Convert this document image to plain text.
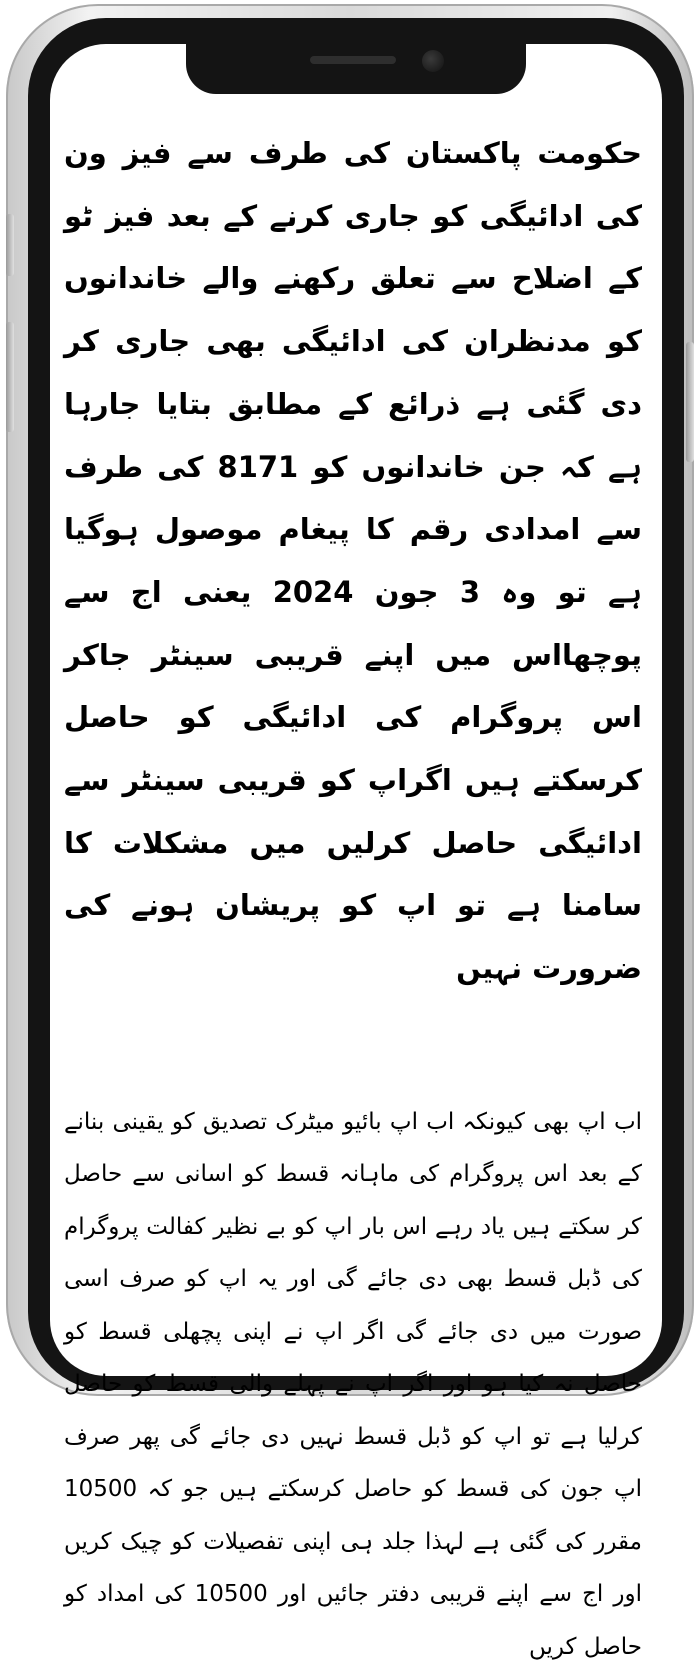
حکومت پاکستان کی طرف سے فیز ون کی ادائیگی کو جاری کرنے کے بعد فیز ٹو کے اضلاح سے تعلق رکھنے والے خاندانوں کو مدنظران کی ادائیگی بھی جاری کر دی گئی ہے ذرائع کے مطابق بتایا جارہا ہے کہ جن خاندانوں کو 8171 کی طرف سے امدادی رقم کا پیغام موصول ہوگیا ہے تو وہ 3 جون 2024 یعنی اج سے پوچھااس میں اپنے قریبی سینٹر جاکر اس پروگرام کی ادائیگی کو حاصل کرسکتے ہیں اگراپ کو قریبی سینٹر سے ادائیگی حاصل کرلیں میں مشکلات کا سامنا ہے تو اپ کو پریشان ہونے کی ضرورت نہیں

اب اپ بھی کیونکہ اب اپ بائیو میٹرک تصدیق کو یقینی بنانے کے بعد اس پروگرام کی ماہانہ قسط کو اسانی سے حاصل کر سکتے ہیں یاد رہے اس بار اپ کو بے نظیر کفالت پروگرام کی ڈبل قسط بھی دی جائے گی اور یہ اپ کو صرف اسی صورت میں دی جائے گی اگر اپ نے اپنی پچھلی قسط کو حاصل نہ کیا ہو اور اگر اپ نے پہلے والی قسط کو حاصل کرلیا ہے تو اپ کو ڈبل قسط نہیں دی جائے گی پھر صرف اپ جون کی قسط کو حاصل کرسکتے ہیں جو کہ 10500 مقرر کی گئی ہے لہذا جلد ہی اپنی تفصیلات کو چیک کریں اور اج سے اپنے قریبی دفتر جائیں اور 10500 کی امداد کو حاصل کریں
